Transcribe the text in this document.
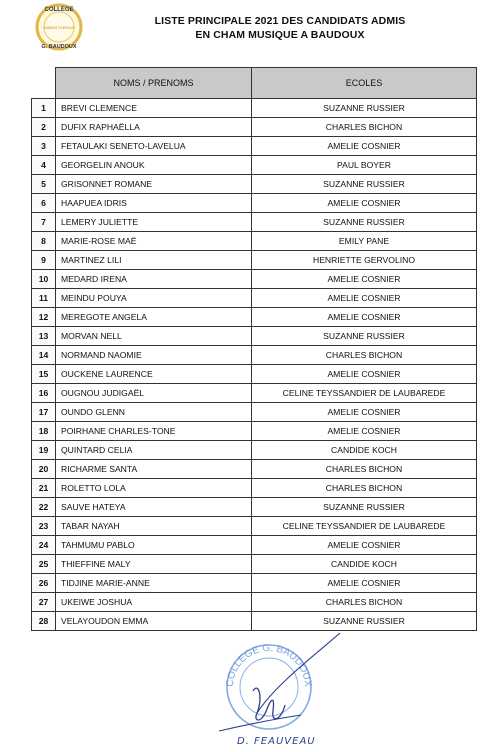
COLLEGE
DUMONT D'URVILLE
G. BAUDOUX
LISTE PRINCIPALE 2021 DES CANDIDATS ADMIS
EN CHAM MUSIQUE A BAUDOUX
	NOMS / PRENOMS	ECOLES
1	BREVI CLEMENCE	SUZANNE RUSSIER
2	DUFIX RAPHAËLLA	CHARLES BICHON
3	FETAULAKI SENETO-LAVELUA	AMELIE COSNIER
4	GEORGELIN ANOUK	PAUL BOYER
5	GRISONNET ROMANE	SUZANNE RUSSIER
6	HAAPUEA IDRIS	AMELIE COSNIER
7	LEMERY JULIETTE	SUZANNE RUSSIER
8	MARIE-ROSE MAË	EMILY PANE
9	MARTINEZ LILI	HENRIETTE GERVOLINO
10	MEDARD IRENA	AMELIE COSNIER
11	MEINDU POUYA	AMELIE COSNIER
12	MEREGOTE ANGELA	AMELIE COSNIER
13	MORVAN NELL	SUZANNE RUSSIER
14	NORMAND NAOMIE	CHARLES BICHON
15	OUCKENE LAURENCE	AMELIE COSNIER
16	OUGNOU JUDIGAËL	CELINE TEYSSANDIER DE LAUBAREDE
17	OUNDO GLENN	AMELIE COSNIER
18	POIRHANE CHARLES-TONE	AMELIE COSNIER
19	QUINTARD CELIA	CANDIDE KOCH
20	RICHARME SANTA	CHARLES BICHON
21	ROLETTO LOLA	CHARLES BICHON
22	SAUVE HATEYA	SUZANNE RUSSIER
23	TABAR NAYAH	CELINE TEYSSANDIER DE LAUBAREDE
24	TAHMUMU PABLO	AMELIE COSNIER
25	THIEFFINE MALY	CANDIDE KOCH
26	TIDJINE MARIE-ANNE	AMELIE COSNIER
27	UKEIWE JOSHUA	CHARLES BICHON
28	VELAYOUDON EMMA	SUZANNE RUSSIER
COLLEGE G. BAUDOUX
D. FEAUVEAU
